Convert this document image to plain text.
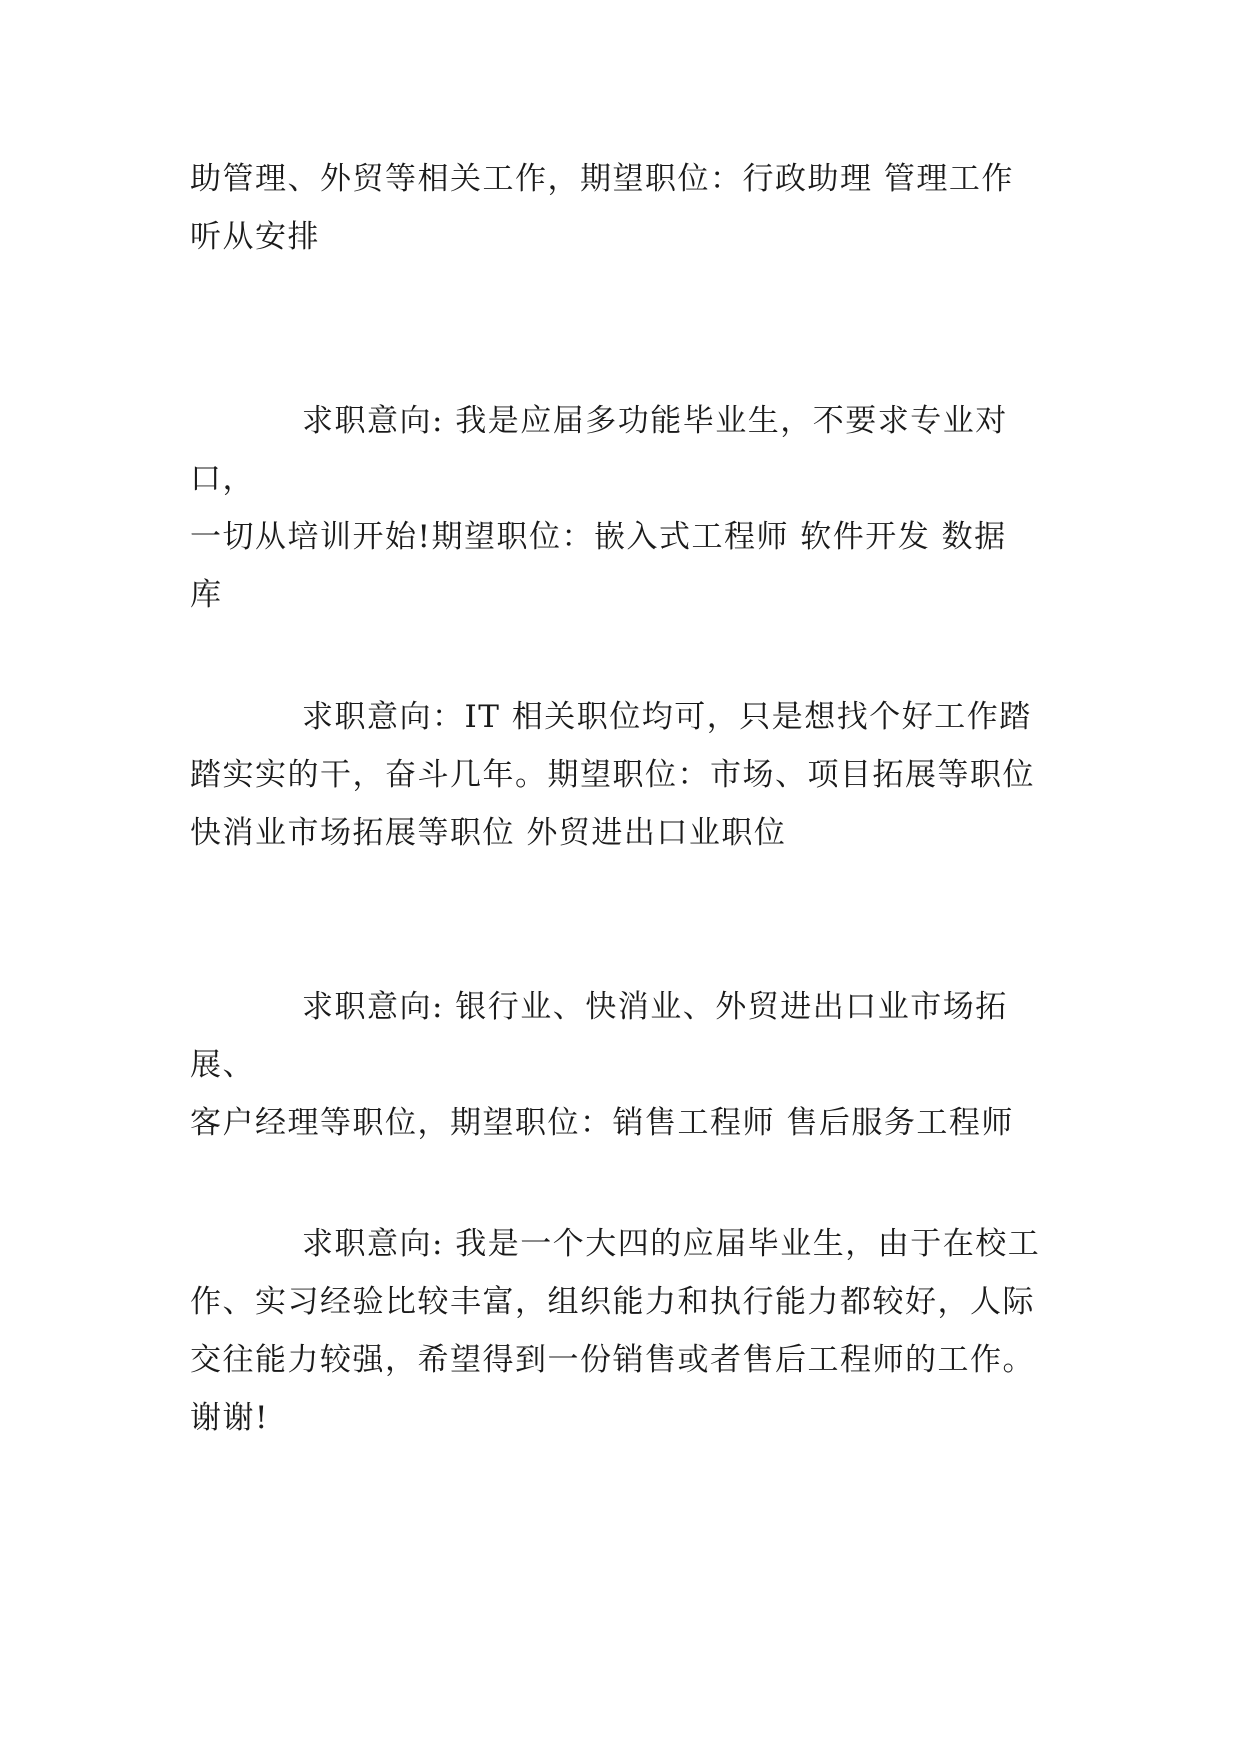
助管理、外贸等相关工作，期望职位：行政助理 管理工作
听从安排

求职意向: 我是应届多功能毕业生，不要求专业对口，
一切从培训开始!期望职位：嵌入式工程师 软件开发 数据
库

求职意向：IT 相关职位均可，只是想找个好工作踏
踏实实的干，奋斗几年。期望职位：市场、项目拓展等职位
快消业市场拓展等职位 外贸进出口业职位

求职意向: 银行业、快消业、外贸进出口业市场拓展、
客户经理等职位，期望职位：销售工程师 售后服务工程师

求职意向: 我是一个大四的应届毕业生，由于在校工
作、实习经验比较丰富，组织能力和执行能力都较好，人际
交往能力较强，希望得到一份销售或者售后工程师的工作。
谢谢!
